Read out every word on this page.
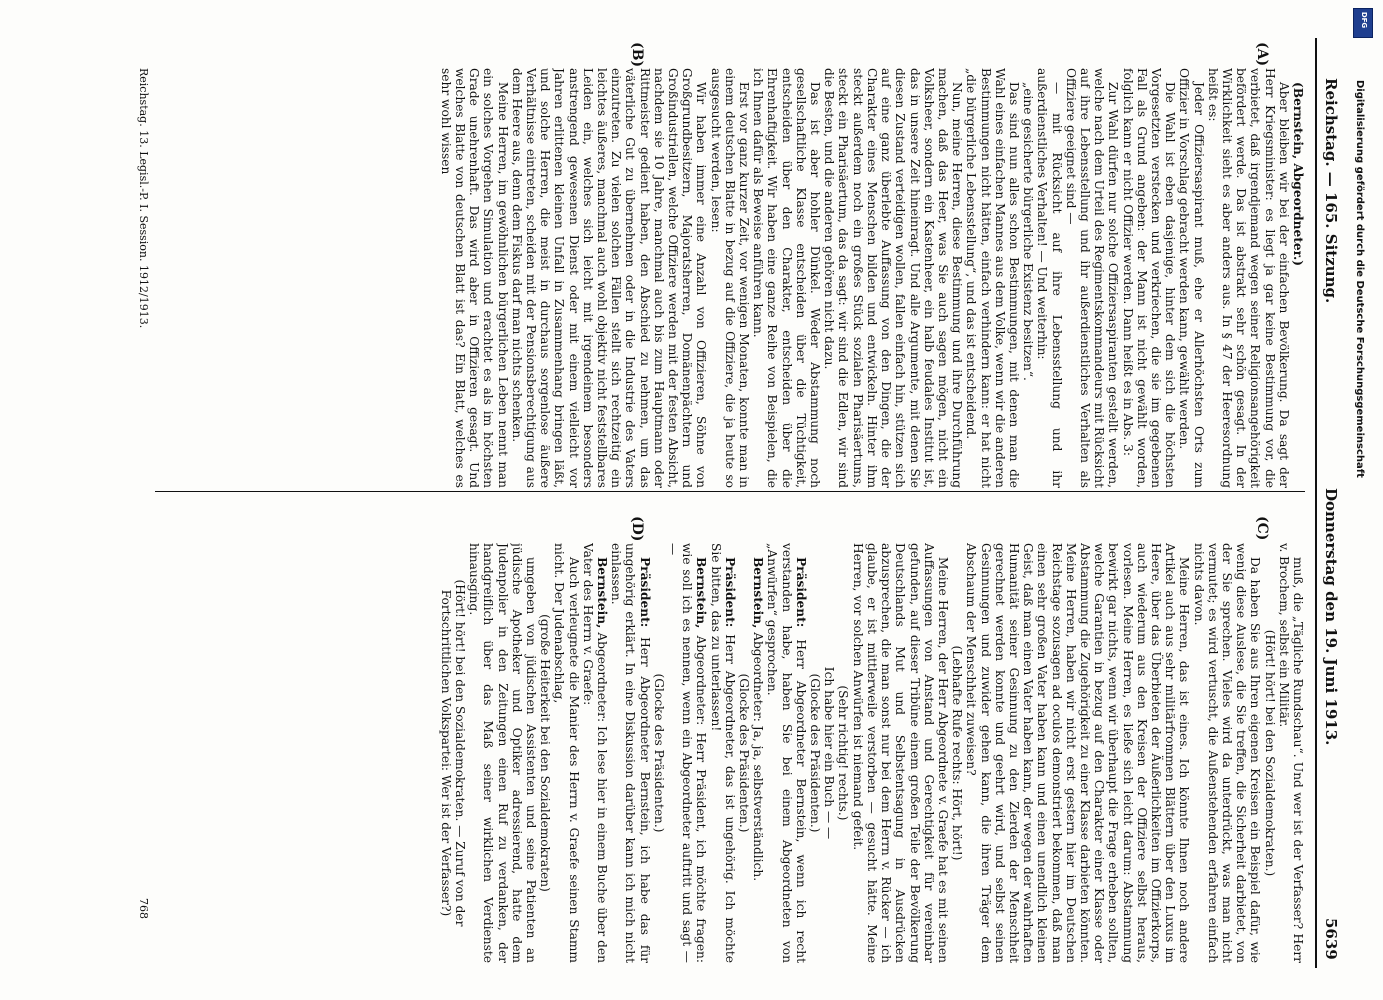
Reichstag. — 165. Sitzung.
Donnerstag den 19. Juni 1913.
5639
(A)
(B)
(C)
(D)

(Bernstein, Abgeordneter.)

Aber bleiben wir bei der einfachen Bevölkerung. Da sagt der Herr Kriegsminister: es liegt ja gar keine Bestimmung vor, die verbietet, daß irgendjemand wegen seiner Religionsangehörigkeit befördert werde. Das ist abstrakt sehr schön gesagt. In der Wirklichkeit sieht es aber anders aus. In § 47 der Heeresordnung heißt es:

Jeder Offiziersaspirant muß, ehe er Allerhöchsten Orts zum Offizier in Vorschlag gebracht werden kann, gewählt werden.

Die Wahl ist eben dasjenige, hinter dem sich die höchsten Vorgesetzten verstecken und verkriechen, die sie im gegebenen Fall als Grund angeben: der Mann ist nicht gewählt worden, folglich kann er nicht Offizier werden. Dann heißt es in Abs. 3:

Zur Wahl dürfen nur solche Offiziersaspiranten gestellt werden, welche nach dem Urteil des Regimentskommandeurs mit Rücksicht auf ihre Lebensstellung und ihr außerdienstliches Verhalten als Offiziere geeignet sind —

— mit Rücksicht auf ihre Lebensstellung und ihr außerdienstliches Verhalten! — Und weiterhin:

„eine gesicherte bürgerliche Existenz besitzen“.

Das sind nun alles schon Bestimmungen, mit denen man die Wahl eines einfachen Mannes aus dem Volke, wenn wir die anderen Bestimmungen nicht hätten, einfach verhindern kann: er hat nicht „die bürgerliche Lebensstellung“, und das ist entscheidend.

Nun, meine Herren, diese Bestimmung und ihre Durchführung machen, daß das Heer, was Sie auch sagen mögen, nicht ein Volksheer, sondern ein Kastenheer, ein halb feudales Institut ist, das in unsere Zeit hineinragt. Und alle Argumente, mit denen Sie diesen Zustand verteidigen wollen, fallen einfach hin, stützen sich auf eine ganz überlebte Auffassung von den Dingen, die der Charakter eines Menschen bilden und entwickeln. Hinter ihm steckt außerdem noch ein großes Stück sozialen Pharisäertums, steckt ein Pharisäertum, das da sagt: wir sind die Edlen, wir sind die Besten, und die anderen gehören nicht dazu.

Das ist aber hohler Dünkel. Weder Abstammung noch gesellschaftliche Klasse entscheiden über die Tüchtigkeit, entscheiden über den Charakter, entscheiden über die Ehrenhaftigkeit. Wir haben eine ganze Reihe von Beispielen, die ich Ihnen dafür als Beweise anführen kann.

Erst vor ganz kurzer Zeit, vor wenigen Monaten, konnte man in einem deutschen Blatte in bezug auf die Offiziere, die ja heute so ausgesucht werden, lesen:

Wir haben immer eine Anzahl von Offizieren, Söhne von Großgrundbesitzern, Majoratsherren, Domänenpächtern und Großindustriellen, welche Offiziere werden mit der festen Absicht, nachdem sie 10 Jahre, manchmal auch bis zum Hauptmann oder Rittmeister gedient haben, den Abschied zu nehmen, um das väterliche Gut zu übernehmen oder in die Industrie des Vaters einzutreten. Zu vielen solchen Fällen stellt sich rechtzeitig ein leichtes äußeres, manchmal auch wohl objektiv nicht feststellbares Leiden ein, welches sich leicht mit irgendeinem besonders anstrengend gewesenen Dienst oder mit einem vielleicht vor Jahren erlittenen kleinen Unfall in Zusammenhang bringen läßt, und solche Herren, die meist in durchaus sorgenlose äußere Verhältnisse eintreten, scheiden mit der Pensionsberechtigung aus dem Heere aus, denn dem Fiskus darf man nichts schenken.

Meine Herren, im gewöhnlichen bürgerlichen Leben nennt man ein solches Vorgehen Simulation und erachtet es als im höchsten Grade unehrenhaft. Das wird aber in Offizieren gesagt. Und welches Blatte von deutschen Blatt ist das? Ein Blatt, welches es sehr wohl wissen

muß, die „Tägliche Rundschau“. Und wer ist der Verfasser? Herr v. Brochem, selbst ein Militär.

(Hört! hört! bei den Sozialdemokraten.)

Da haben Sie aus Ihren eigenen Kreisen ein Beispiel dafür, wie wenig diese Auslese, die Sie treffen, die Sicherheit darbietet, von der Sie sprechen. Vieles wird da unterdrückt, was man nicht vermutet; es wird vertuscht, die Außenstehenden erfahren einfach nichts davon.

Meine Herren, das ist eines. Ich könnte Ihnen noch andere Artikel auch aus sehr militärfrommen Blättern über den Luxus im Heere, über das Überbieten der Äußerlichkeiten im Offizierkorps, auch wiederum aus den Kreisen der Offiziere selbst heraus, vorlesen. Meine Herren, es ließe sich leicht darum: Abstammung bewirkt gar nichts, wenn wir überhaupt die Frage erheben sollten, welche Garantien in bezug auf den Charakter einer Klasse oder Abstammung die Zugehörigkeit zu einer Klasse darbieten könnten. Meine Herren, haben wir nicht erst gestern hier im Deutschen Reichstage sozusagen ad oculos demonstriert bekommen, daß man einen sehr großen Vater haben kann und einen unendlich kleinen Geist, daß man einen Vater haben kann, der wegen der wahrhaften Humanität seiner Gesinnung zu den Zierden der Menschheit gerechnet werden konnte und geehrt wird, und selbst seinen Gesinnungen und zuwider gehen kann, die ihren Träger dem Abschaum der Menschheit zuweisen?

(Lebhafte Rufe rechts: Hört, hört!)

Meine Herren, der Herr Abgeordnete v. Graefe hat es mit seinen Auffassungen von Anstand und Gerechtigkeit für vereinbar gefunden, auf dieser Tribüne einem großen Teile der Bevölkerung Deutschlands Mut und Selbstentsagung in Ausdrücken abzusprechen, die man sonst nur bei dem Herrn v. Rücker — ich glaube, er ist mittlerweile verstorben — gesucht hätte. Meine Herren, vor solchen Anwürfen ist niemand gefeit.

(Sehr richtig! rechts.)

Ich habe hier ein Buch — —

(Glocke des Präsidenten.)

Präsident: Herr Abgeordneter Bernstein, wenn ich recht verstanden habe, haben Sie bei einem Abgeordneten von „Anwürfen“ gesprochen.

Bernstein, Abgeordneter: Ja, ja, selbstverständlich.

(Glocke des Präsidenten.)

Präsident: Herr Abgeordneter, das ist ungehörig. Ich möchte Sie bitten, das zu unterlassen!

Bernstein, Abgeordneter: Herr Präsident, ich möchte fragen: wie soll ich es nennen, wenn ein Abgeordneter auftritt und sagt — —

(Glocke des Präsidenten.)

Präsident: Herr Abgeordneter Bernstein, ich habe das für ungehörig erklärt. In eine Diskussion darüber kann ich mich nicht einlassen.

Bernstein, Abgeordneter: Ich lese hier in einem Buche über den Vater des Herrn v. Graefe:

Auch verleugnete die Manier des Herrn v. Graefe seinen Stamm nicht. Der Judenabschlag,

(große Heiterkeit bei den Sozialdemokraten)

umgeben von jüdischen Assistenten und seine Patienten an jüdische Apotheker und Optiker adressierend, hatte dem Judenpolier in den Zeitungen einen Ruf zu verdanken, der handgreiflich über das Maß seiner wirklichen Verdienste hinausging.

(Hört! hört! bei den Sozialdemokraten. — Zuruf von der Fortschrittlichen Volkspartei: Wer ist der Verfasser?)

Reichstag. 13. Legisl.-P. I. Session. 1912/1913.
768
Digitalisierung gefördert durch die Deutsche Forschungsgemeinschaft
DFG
